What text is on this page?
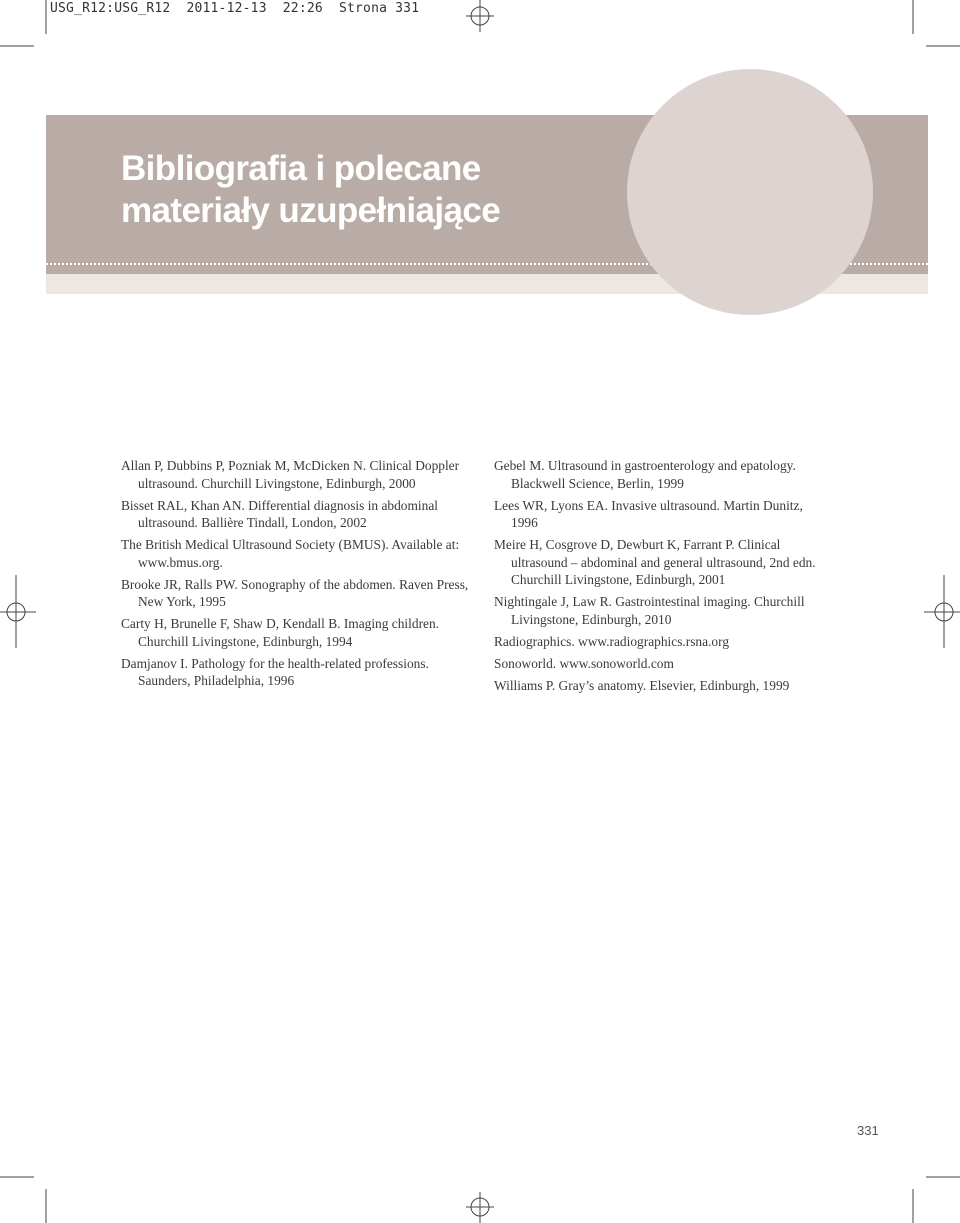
USG_R12:USG_R12  2011-12-13  22:26  Strona 331
Bibliografia i polecane
materiały uzupełniające
Allan P, Dubbins P, Pozniak M, McDicken N. Clinical Doppler ultrasound. Churchill Livingstone, Edinburgh, 2000
Bisset RAL, Khan AN. Differential diagnosis in abdominal ultrasound. Ballière Tindall, London, 2002
The British Medical Ultrasound Society (BMUS). Available at: www.bmus.org.
Brooke JR, Ralls PW. Sonography of the abdomen. Raven Press, New York, 1995
Carty H, Brunelle F, Shaw D, Kendall B. Imaging children. Churchill Livingstone, Edinburgh, 1994
Damjanov I. Pathology for the health-related professions. Saunders, Philadelphia, 1996
Gebel M. Ultrasound in gastroenterology and epatology. Blackwell Science, Berlin, 1999
Lees WR, Lyons EA. Invasive ultrasound. Martin Dunitz, 1996
Meire H, Cosgrove D, Dewburt K, Farrant P. Clinical ultrasound – abdominal and general ultrasound, 2nd edn. Churchill Livingstone, Edinburgh, 2001
Nightingale J, Law R. Gastrointestinal imaging. Churchill Livingstone, Edinburgh, 2010
Radiographics. www.radiographics.rsna.org
Sonoworld. www.sonoworld.com
Williams P. Gray’s anatomy. Elsevier, Edinburgh, 1999
331
